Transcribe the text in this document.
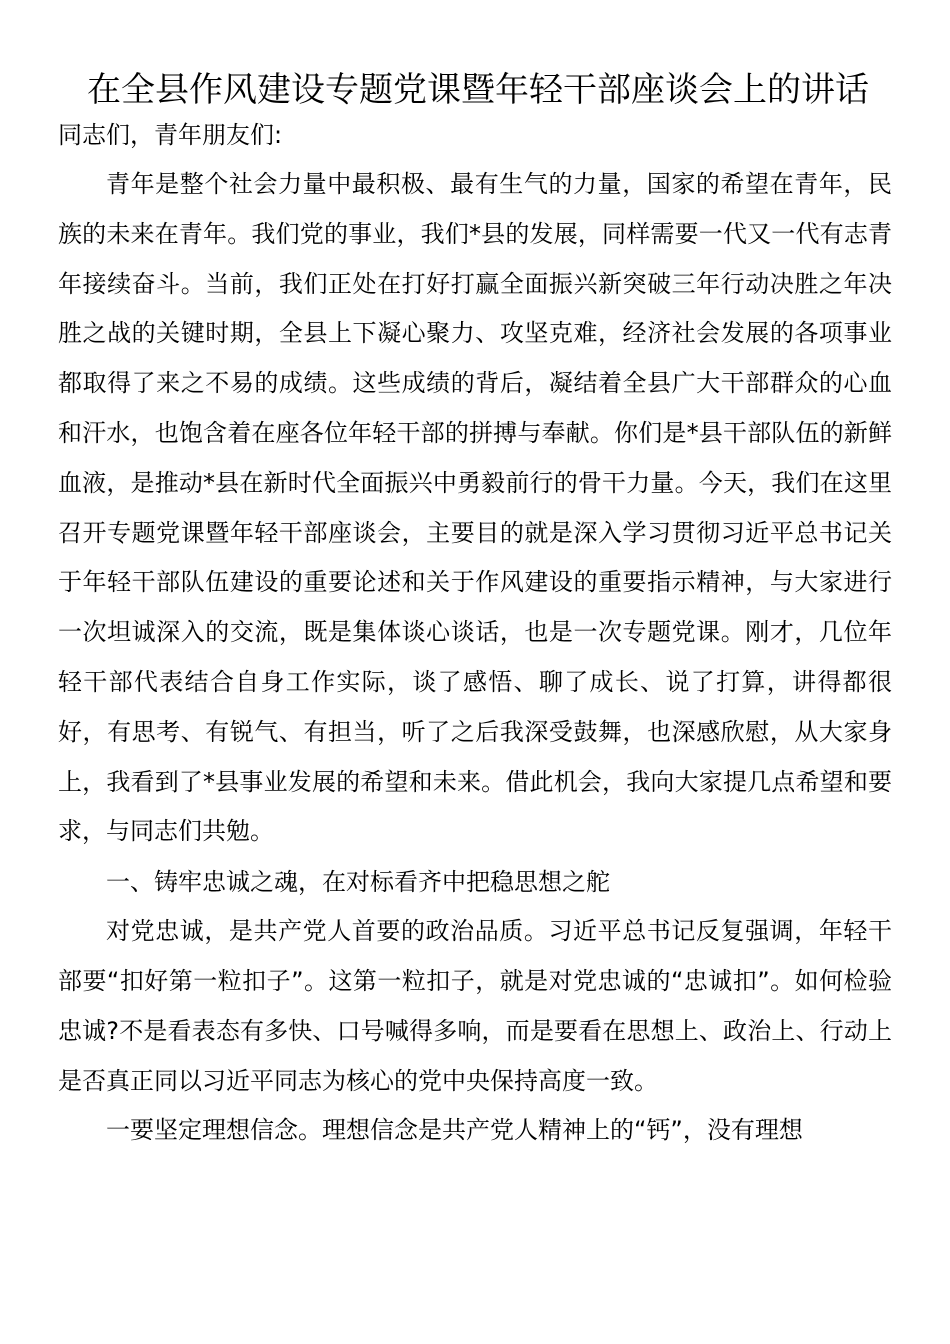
在全县作风建设专题党课暨年轻干部座谈会上的讲话

同志们，青年朋友们:

青年是整个社会力量中最积极、最有生气的力量，国家的希望在青年，民族的未来在青年。我们党的事业，我们*县的发展，同样需要一代又一代有志青年接续奋斗。当前，我们正处在打好打赢全面振兴新突破三年行动决胜之年决胜之战的关键时期，全县上下凝心聚力、攻坚克难，经济社会发展的各项事业都取得了来之不易的成绩。这些成绩的背后，凝结着全县广大干部群众的心血和汗水，也饱含着在座各位年轻干部的拼搏与奉献。你们是*县干部队伍的新鲜血液，是推动*县在新时代全面振兴中勇毅前行的骨干力量。今天，我们在这里召开专题党课暨年轻干部座谈会，主要目的就是深入学习贯彻习近平总书记关于年轻干部队伍建设的重要论述和关于作风建设的重要指示精神，与大家进行一次坦诚深入的交流，既是集体谈心谈话，也是一次专题党课。刚才，几位年轻干部代表结合自身工作实际，谈了感悟、聊了成长、说了打算，讲得都很好，有思考、有锐气、有担当，听了之后我深受鼓舞，也深感欣慰，从大家身上，我看到了*县事业发展的希望和未来。借此机会，我向大家提几点希望和要求，与同志们共勉。

一、铸牢忠诚之魂，在对标看齐中把稳思想之舵

对党忠诚，是共产党人首要的政治品质。习近平总书记反复强调，年轻干部要“扣好第一粒扣子”。这第一粒扣子，就是对党忠诚的“忠诚扣”。如何检验忠诚?不是看表态有多快、口号喊得多响，而是要看在思想上、政治上、行动上是否真正同以习近平同志为核心的党中央保持高度一致。

一要坚定理想信念。理想信念是共产党人精神上的“钙”，没有理想
